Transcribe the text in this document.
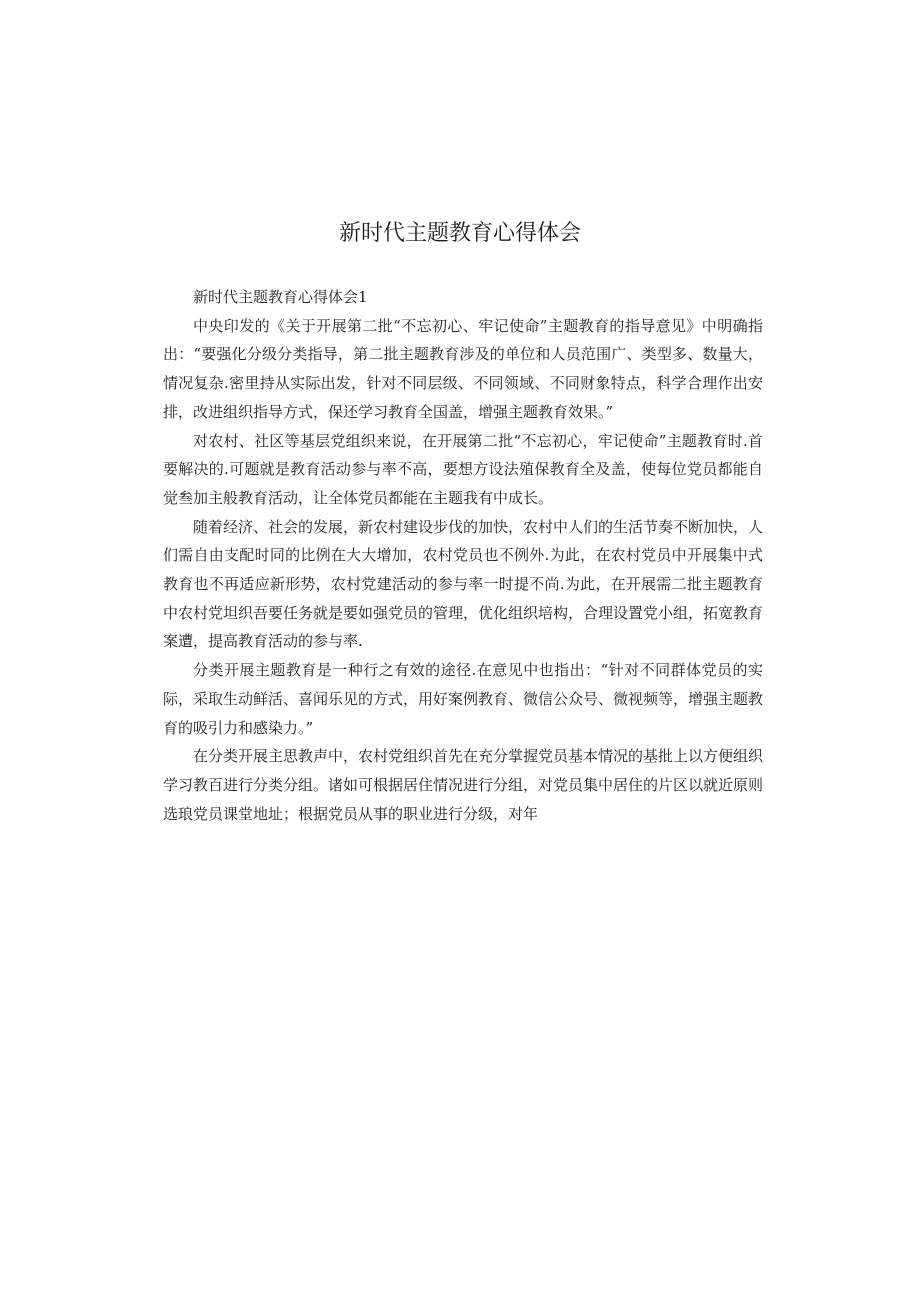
新时代主题教育心得体会

新时代主题教育心得体会1

中央印发的《关于开展第二批“不忘初心、牢记使命”主题教育的指导意见》中明确指出：“要强化分级分类指导，第二批主题教育涉及的单位和人员范围广、类型多、数量大，情况复杂.密里持从实际出发，针对不同层级、不同领域、不同财象特点，科学合理作出安排，改进组织指导方式，保还学习教育全国盖，增强主题教育效果。”

对农村、社区等基层党组织来说，在开展第二批“不忘初心，牢记使命”主题教育时.首要解决的.可题就是教育活动参与率不高，要想方设法殖保教育全及盖，使每位党员都能自觉叁加主般教育活动，让全体党员都能在主题我有中成长。

随着经济、社会的发展，新农村建设步伐的加快，农村中人们的生活节奏不断加快，人们需自由支配时同的比例在大大增加，农村党员也不例外.为此，在农村党员中开展集中式教育也不再适应新形势，农村党建活动的参与率一时提不尚.为此，在开展需二批主题教育中农村党坦织吾要任务就是要如强党员的管理，优化组织培构，合理设置党小组，拓宽教育案遭，提高教育活动的参与率.

分类开展主题教育是一种行之有效的途径.在意见中也指出：“针对不同群体党员的实际，采取生动鲜活、喜闻乐见的方式，用好案例教育、微信公众号、微视频等，增强主题教育的吸引力和感染力。”

在分类开展主思教声中，农村党组织首先在充分掌握党员基本情况的基批上以方便组织学习教百进行分类分组。诸如可根据居住情况进行分组，对党员集中居住的片区以就近原则选琅党员课堂地址；根据党员从事的职业进行分级，对年
